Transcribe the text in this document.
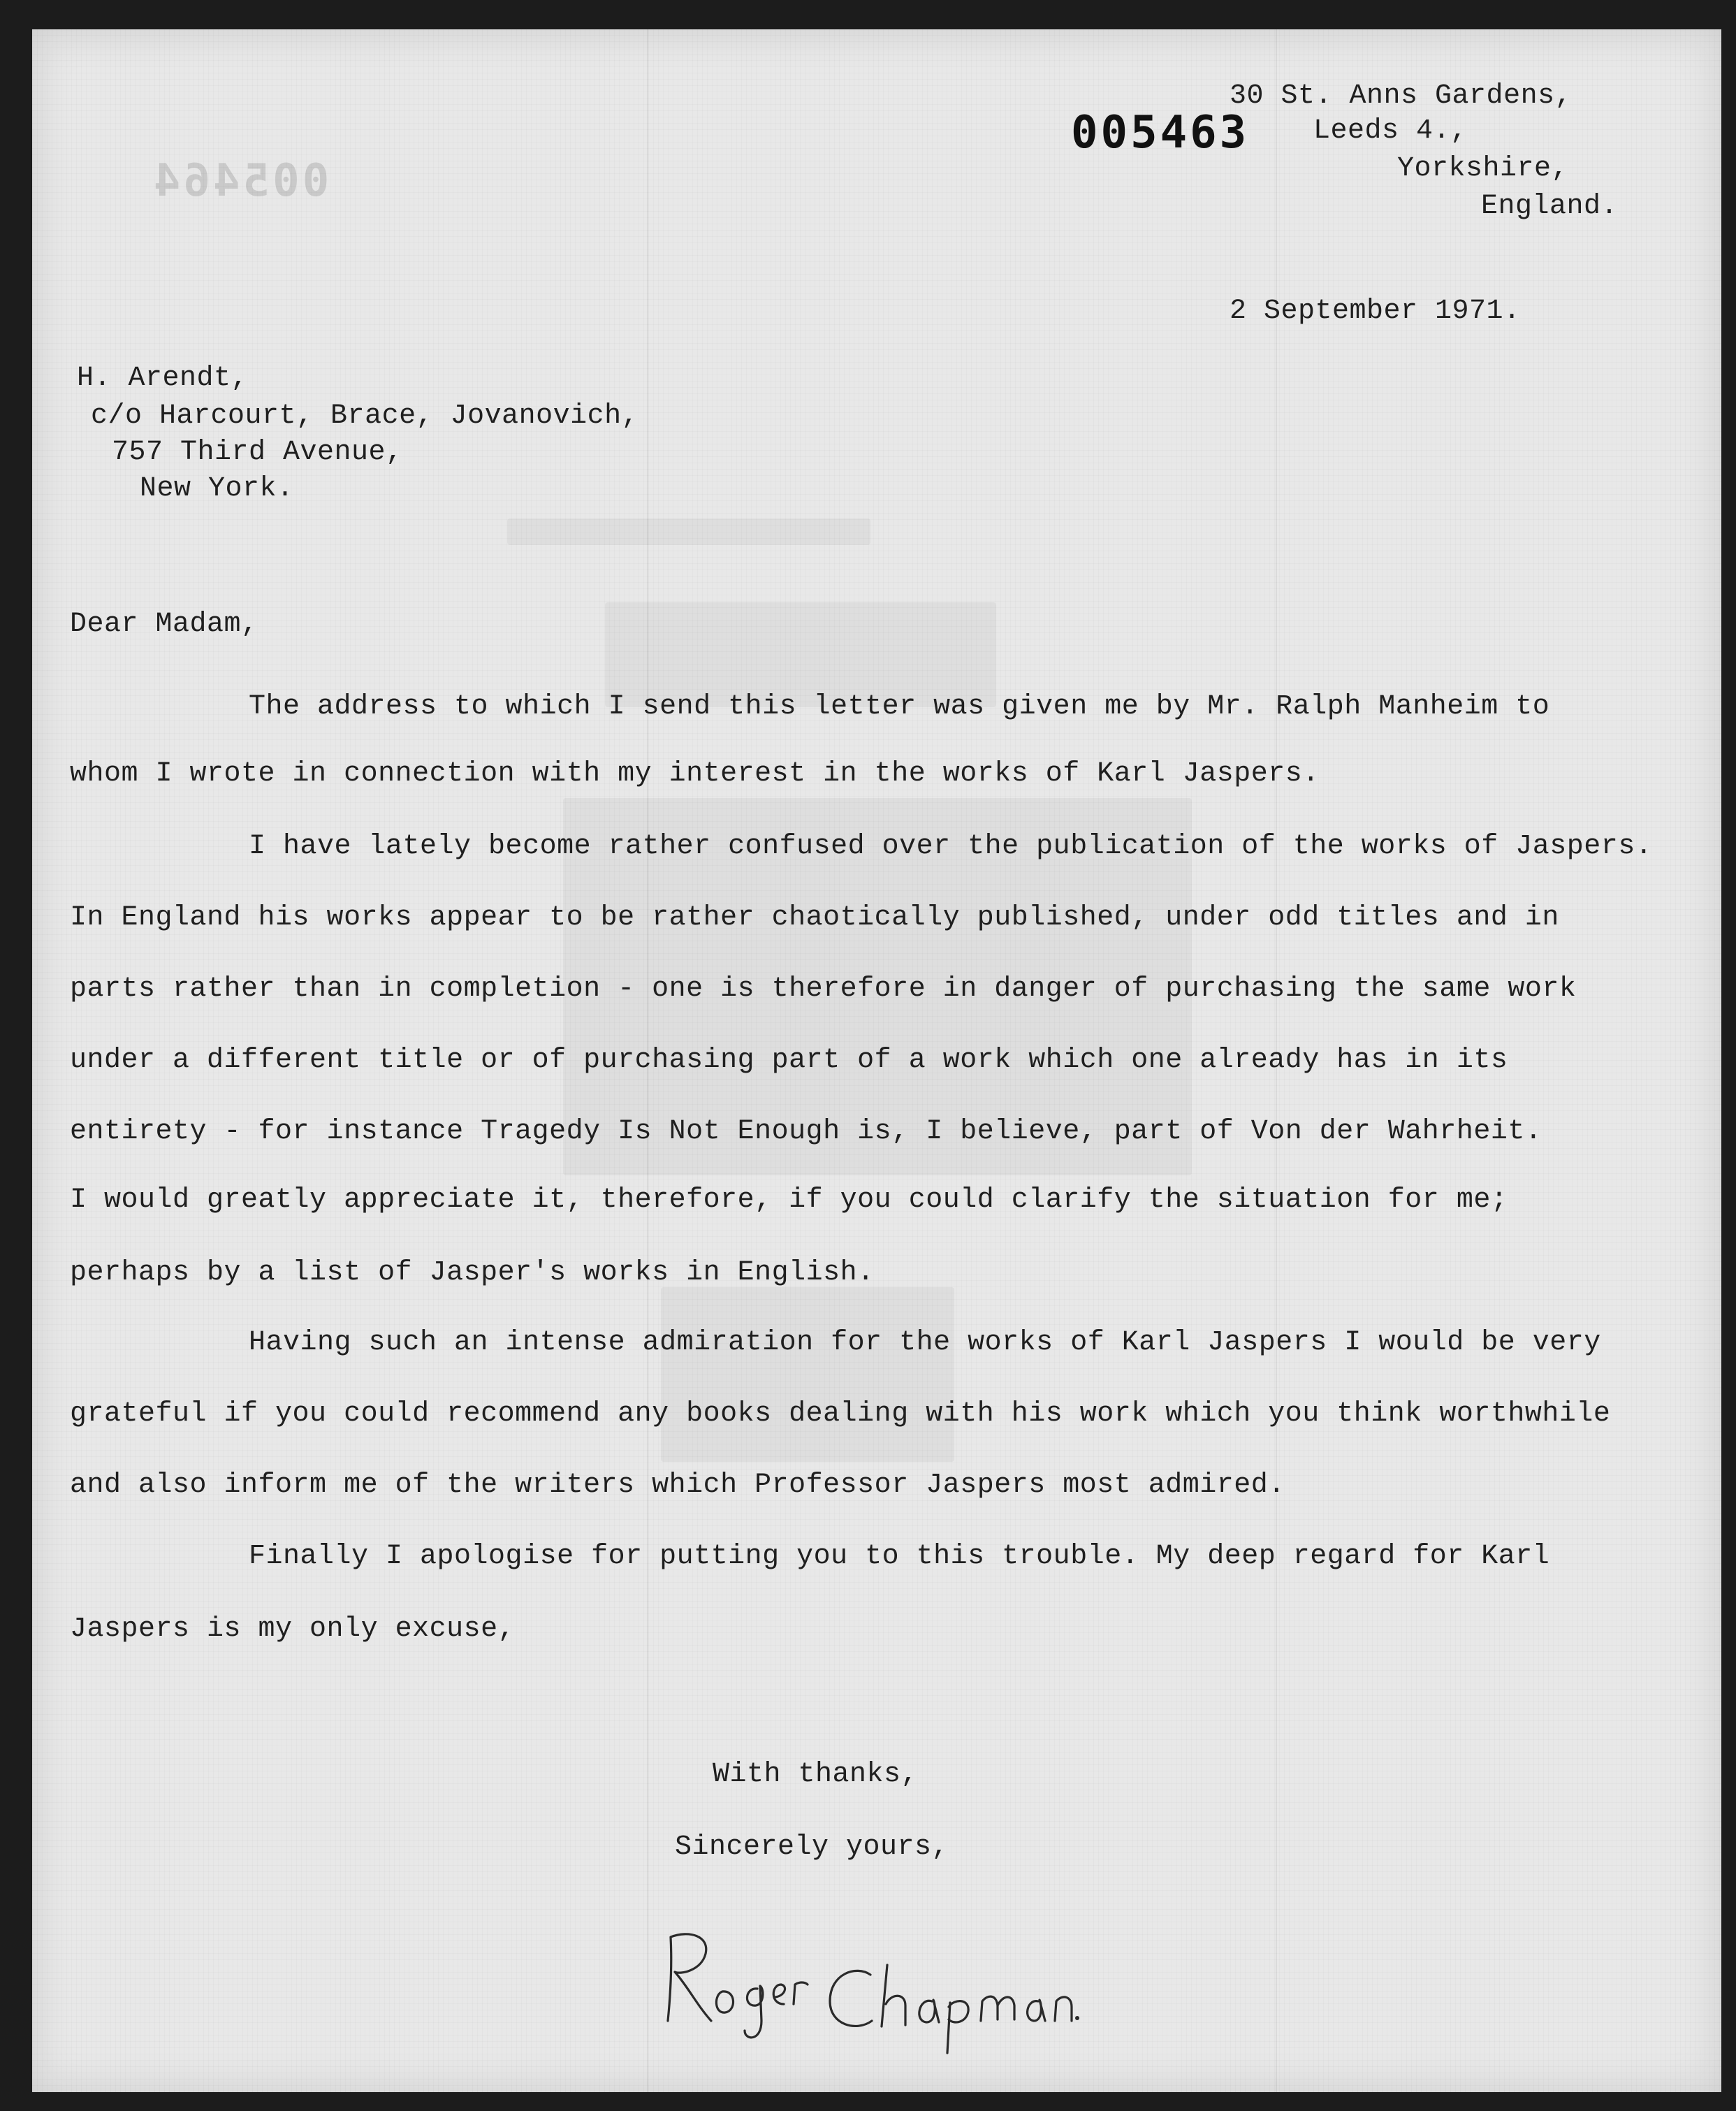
005464
005463
30 St. Anns Gardens,
Leeds 4.,
Yorkshire,
England.
2 September 1971.
H. Arendt,
c/o Harcourt, Brace, Jovanovich,
757 Third Avenue,
New York.
Dear Madam,
The address to which I send this letter was given me by Mr. Ralph Manheim to
whom I wrote in connection with my interest in the works of Karl Jaspers.
I have lately become rather confused over the publication of the works of Jaspers.
In England his works appear to be rather chaotically published, under odd titles and in
parts rather than in completion - one is therefore in danger of purchasing the same work
under a different title or of purchasing part of a work which one already has in its
entirety - for instance Tragedy Is Not Enough is, I believe, part of Von der Wahrheit.
I would greatly appreciate it, therefore, if you could clarify the situation for me;
perhaps by a list of Jasper's works in English.
Having such an intense admiration for the works of Karl Jaspers I would be very
grateful if you could recommend any books dealing with his work which you think worthwhile
and also inform me of the writers which Professor Jaspers most admired.
Finally I apologise for putting you to this trouble. My deep regard for Karl
Jaspers is my only excuse,
With thanks,
Sincerely yours,
